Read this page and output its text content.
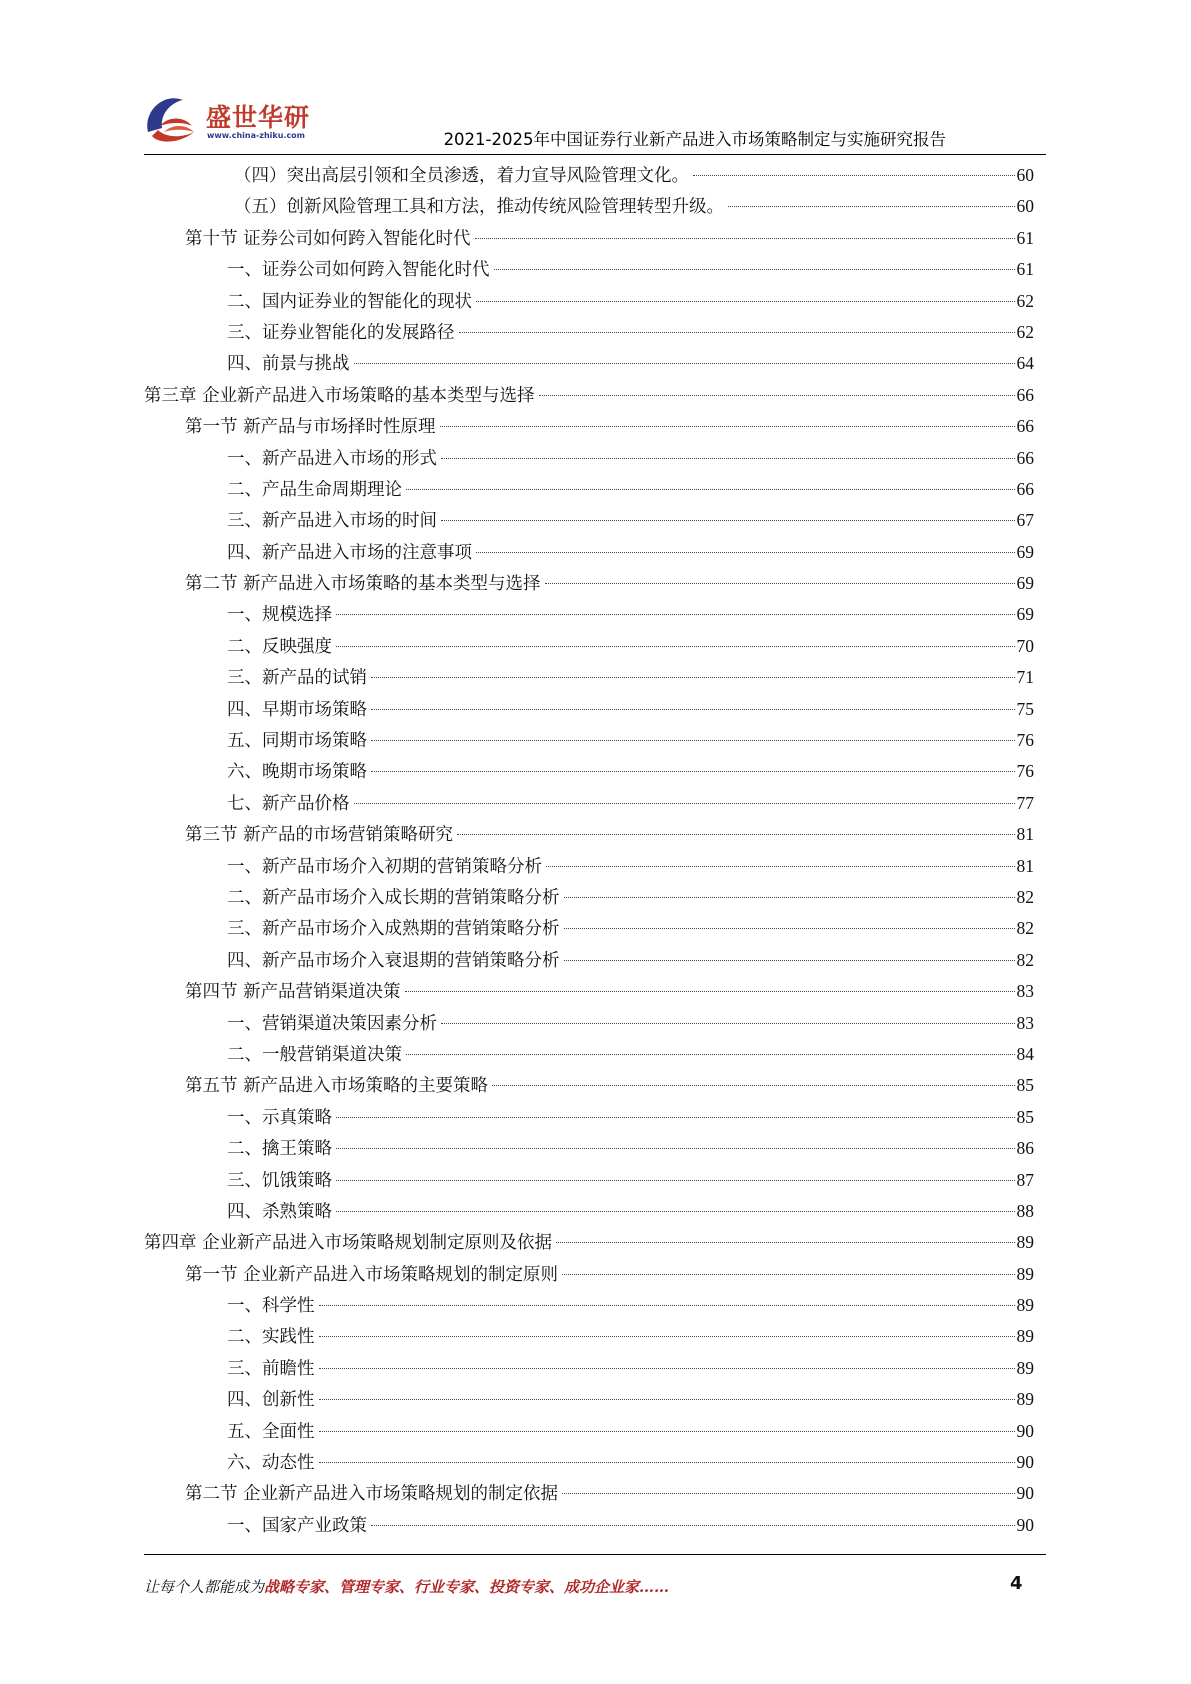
盛世华研
www.china-zhiku.com	2021-2025年中国证券行业新产品进入市场策略制定与实施研究报告
（四）突出高层引领和全员渗透，着力宣导风险管理文化。	60
（五）创新风险管理工具和方法，推动传统风险管理转型升级。	60
第十节 证券公司如何跨入智能化时代	61
一、证券公司如何跨入智能化时代	61
二、国内证券业的智能化的现状	62
三、证券业智能化的发展路径	62
四、前景与挑战	64
第三章 企业新产品进入市场策略的基本类型与选择	66
第一节 新产品与市场择时性原理	66
一、新产品进入市场的形式	66
二、产品生命周期理论	66
三、新产品进入市场的时间	67
四、新产品进入市场的注意事项	69
第二节 新产品进入市场策略的基本类型与选择	69
一、规模选择	69
二、反映强度	70
三、新产品的试销	71
四、早期市场策略	75
五、同期市场策略	76
六、晚期市场策略	76
七、新产品价格	77
第三节 新产品的市场营销策略研究	81
一、新产品市场介入初期的营销策略分析	81
二、新产品市场介入成长期的营销策略分析	82
三、新产品市场介入成熟期的营销策略分析	82
四、新产品市场介入衰退期的营销策略分析	82
第四节 新产品营销渠道决策	83
一、营销渠道决策因素分析	83
二、一般营销渠道决策	84
第五节 新产品进入市场策略的主要策略	85
一、示真策略	85
二、擒王策略	86
三、饥饿策略	87
四、杀熟策略	88
第四章 企业新产品进入市场策略规划制定原则及依据	89
第一节 企业新产品进入市场策略规划的制定原则	89
一、科学性	89
二、实践性	89
三、前瞻性	89
四、创新性	89
五、全面性	90
六、动态性	90
第二节 企业新产品进入市场策略规划的制定依据	90
一、国家产业政策	90
让每个人都能成为战略专家、管理专家、行业专家、投资专家、成功企业家……	4
